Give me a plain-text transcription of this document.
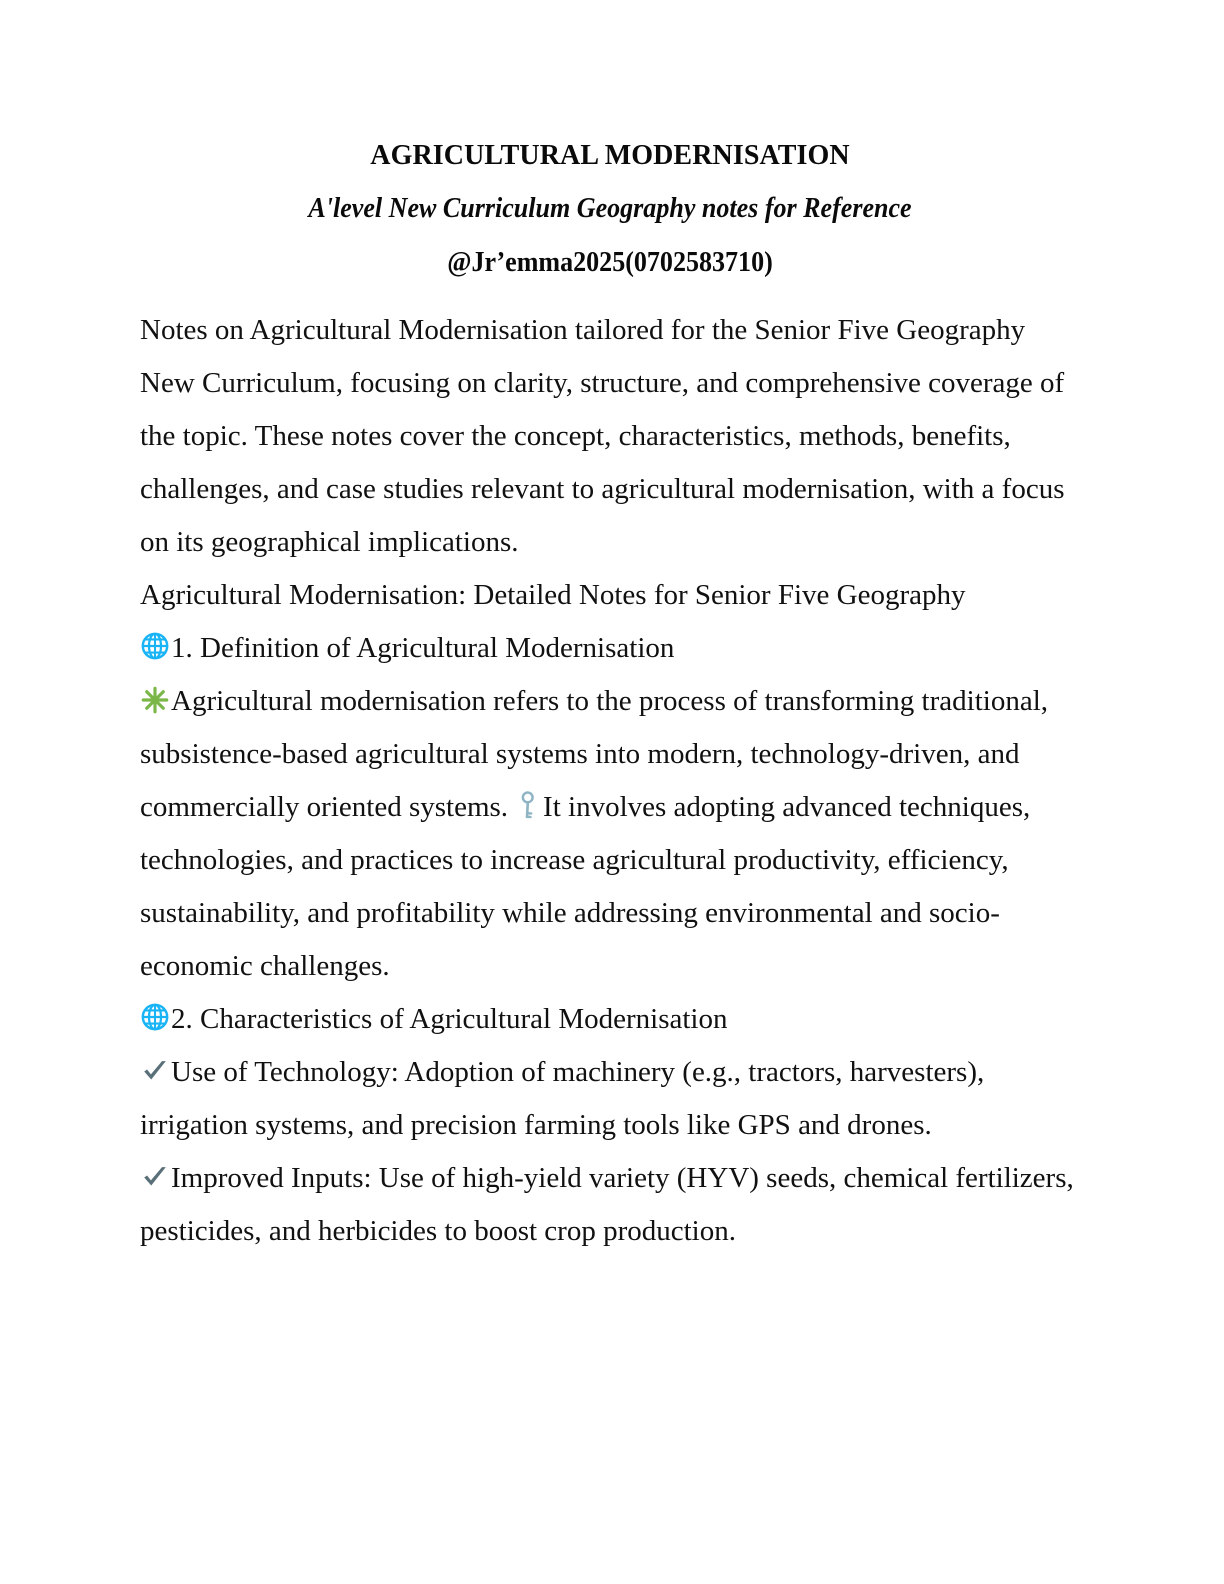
AGRICULTURAL MODERNISATION
A'level New Curriculum Geography notes for Reference
@Jr’emma2025(0702583710)

Notes on Agricultural Modernisation tailored for the Senior Five Geography New Curriculum, focusing on clarity, structure, and comprehensive coverage of the topic. These notes cover the concept, characteristics, methods, benefits, challenges, and case studies relevant to agricultural modernisation, with a focus on its geographical implications.

Agricultural Modernisation: Detailed Notes for Senior Five Geography

1. Definition of Agricultural Modernisation

Agricultural modernisation refers to the process of transforming traditional, subsistence-based agricultural systems into modern, technology-driven, and commercially oriented systems. It involves adopting advanced techniques, technologies, and practices to increase agricultural productivity, efficiency, sustainability, and profitability while addressing environmental and socio-economic challenges.

2. Characteristics of Agricultural Modernisation

Use of Technology: Adoption of machinery (e.g., tractors, harvesters), irrigation systems, and precision farming tools like GPS and drones.

Improved Inputs: Use of high-yield variety (HYV) seeds, chemical fertilizers, pesticides, and herbicides to boost crop production.
